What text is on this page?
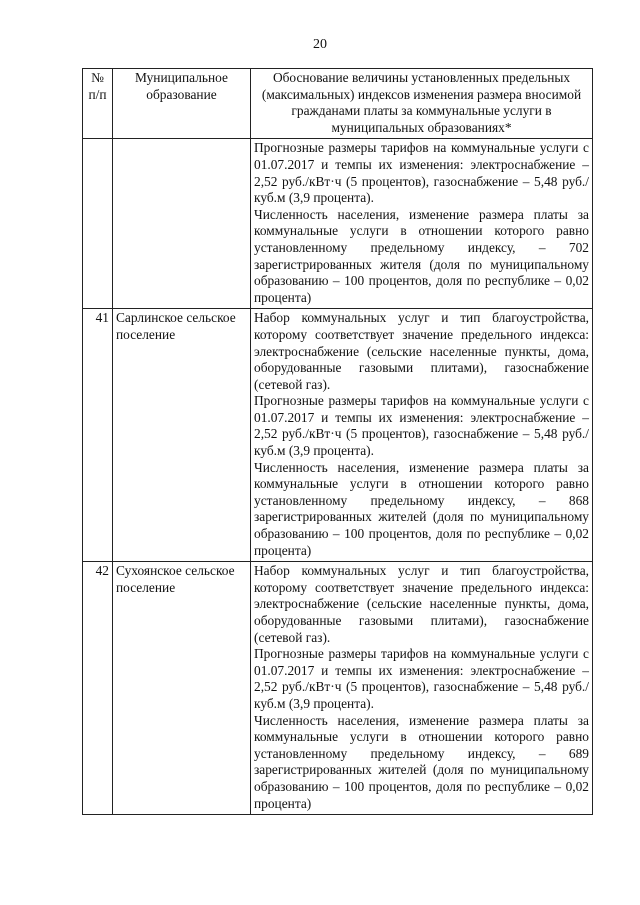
20
№ п/п	Муниципальное образование	Обоснование величины установленных предельных (максимальных) индексов изменения размера вносимой гражданами платы за коммунальные услуги в муниципальных образованиях*

		Прогнозные размеры тарифов на коммунальные услуги с 01.07.2017 и темпы их изменения: электроснабжение – 2,52 руб./кВт·ч (5 процентов), газоснабжение – 5,48 руб./куб.м (3,9 процента).
Численность населения, изменение размера платы за коммунальные услуги в отношении которого равно установленному предельному индексу, – 702 зарегистрированных жителя (доля по муниципальному образованию – 100 процентов, доля по республике – 0,02 процента)

41	Сарлинское сельское поселение	Набор коммунальных услуг и тип благоустройства, которому соответствует значение предельного индекса: электроснабжение (сельские населенные пункты, дома, оборудованные газовыми плитами), газоснабжение (сетевой газ).
Прогнозные размеры тарифов на коммунальные услуги с 01.07.2017 и темпы их изменения: электроснабжение – 2,52 руб./кВт·ч (5 процентов), газоснабжение – 5,48 руб./куб.м (3,9 процента).
Численность населения, изменение размера платы за коммунальные услуги в отношении которого равно установленному предельному индексу, – 868 зарегистрированных жителей (доля по муниципальному образованию – 100 процентов, доля по республике – 0,02 процента)

42	Сухоянское сельское поселение	Набор коммунальных услуг и тип благоустройства, которому соответствует значение предельного индекса: электроснабжение (сельские населенные пункты, дома, оборудованные газовыми плитами), газоснабжение (сетевой газ).
Прогнозные размеры тарифов на коммунальные услуги с 01.07.2017 и темпы их изменения: электроснабжение – 2,52 руб./кВт·ч (5 процентов), газоснабжение – 5,48 руб./куб.м (3,9 процента).
Численность населения, изменение размера платы за коммунальные услуги в отношении которого равно установленному предельному индексу, – 689 зарегистрированных жителей (доля по муниципальному образованию – 100 процентов, доля по республике – 0,02 процента)
